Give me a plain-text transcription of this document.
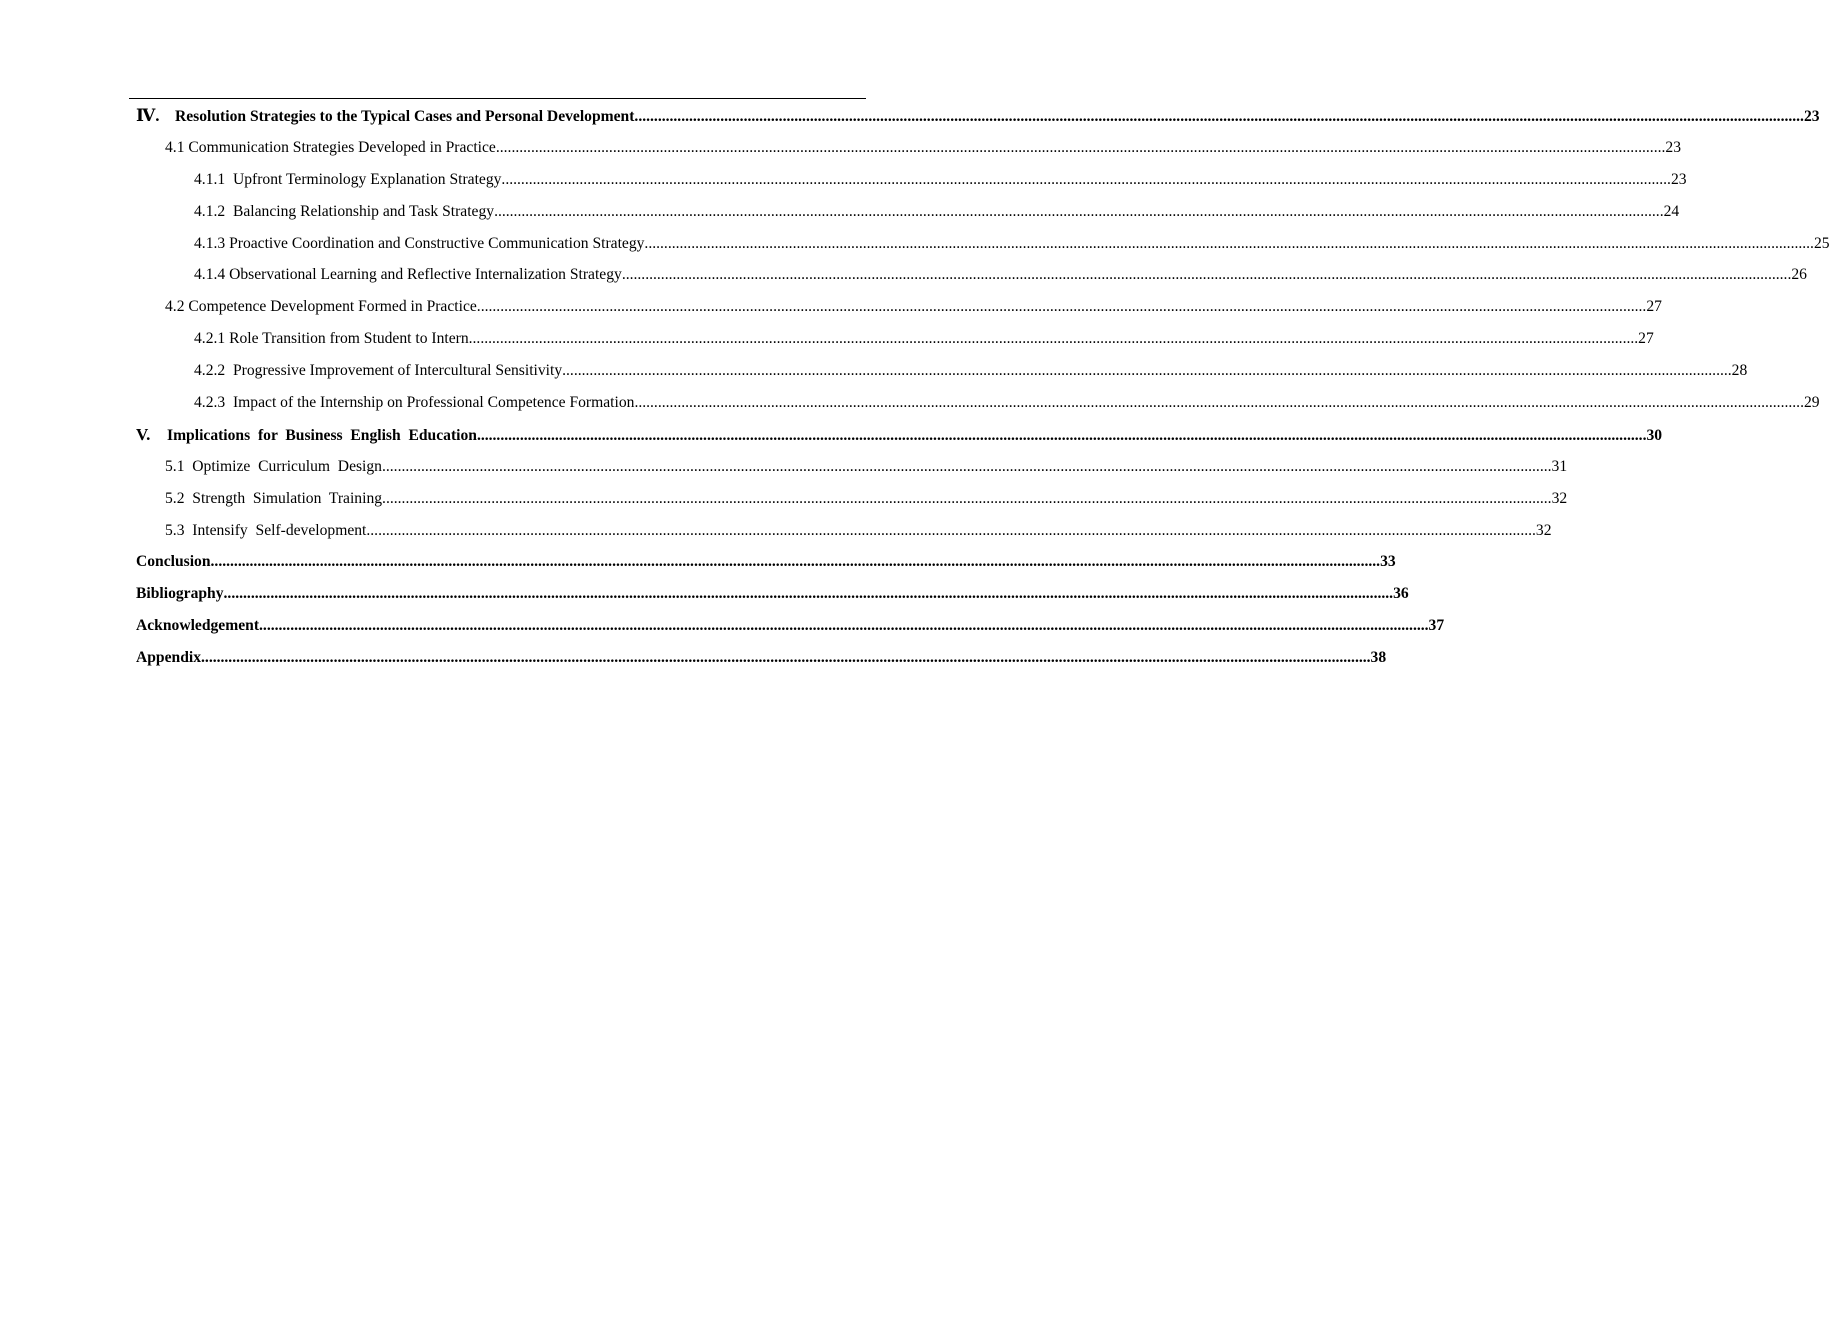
Ⅳ. Resolution Strategies to the Typical Cases and Personal Development ............................................................................................................................................................................................................................................................................................................ 23
4.1 Communication Strategies Developed in Practice ............................................................................................................................................................................................................................................................................................................ 23
4.1.1  Upfront Terminology Explanation Strategy ............................................................................................................................................................................................................................................................................................................ 23
4.1.2  Balancing Relationship and Task Strategy ............................................................................................................................................................................................................................................................................................................ 24
4.1.3 Proactive Coordination and Constructive Communication Strategy ............................................................................................................................................................................................................................................................................................................ 25
4.1.4 Observational Learning and Reflective Internalization Strategy ............................................................................................................................................................................................................................................................................................................ 26
4.2 Competence Development Formed in Practice ............................................................................................................................................................................................................................................................................................................ 27
4.2.1 Role Transition from Student to Intern ............................................................................................................................................................................................................................................................................................................ 27
4.2.2  Progressive Improvement of Intercultural Sensitivity ............................................................................................................................................................................................................................................................................................................ 28
4.2.3  Impact of the Internship on Professional Competence Formation ............................................................................................................................................................................................................................................................................................................ 29
V. Implications  for  Business  English  Education ............................................................................................................................................................................................................................................................................................................ 30
5.1  Optimize  Curriculum  Design ............................................................................................................................................................................................................................................................................................................ 31
5.2  Strength  Simulation  Training ............................................................................................................................................................................................................................................................................................................ 32
5.3  Intensify  Self-development ............................................................................................................................................................................................................................................................................................................ 32
Conclusion ............................................................................................................................................................................................................................................................................................................ 33
Bibliography ............................................................................................................................................................................................................................................................................................................ 36
Acknowledgement ............................................................................................................................................................................................................................................................................................................ 37
Appendix ............................................................................................................................................................................................................................................................................................................ 38
